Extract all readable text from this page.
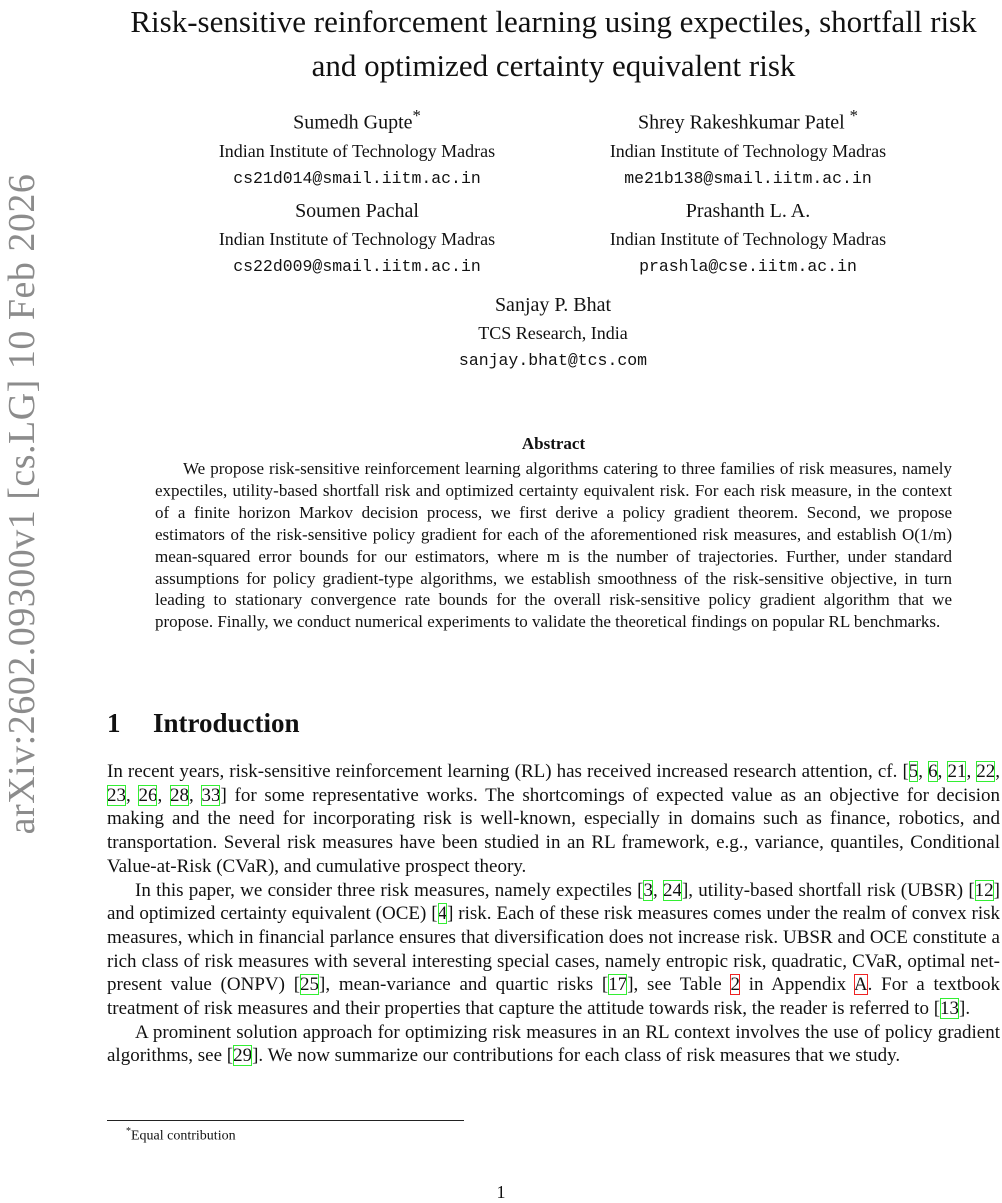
arXiv:2602.09300v1 [cs.LG] 10 Feb 2026
Risk-sensitive reinforcement learning using expectiles, shortfall risk
and optimized certainty equivalent risk
Sumedh Gupte*
Indian Institute of Technology Madras
cs21d014@smail.iitm.ac.in
Shrey Rakeshkumar Patel *
Indian Institute of Technology Madras
me21b138@smail.iitm.ac.in
Soumen Pachal
Indian Institute of Technology Madras
cs22d009@smail.iitm.ac.in
Prashanth L. A.
Indian Institute of Technology Madras
prashla@cse.iitm.ac.in
Sanjay P. Bhat
TCS Research, India
sanjay.bhat@tcs.com
Abstract
We propose risk-sensitive reinforcement learning algorithms catering to three families of risk measures, namely expectiles, utility-based shortfall risk and optimized certainty equivalent risk. For each risk measure, in the context of a finite horizon Markov decision process, we first derive a policy gradient theorem. Second, we propose estimators of the risk-sensitive policy gradient for each of the aforementioned risk measures, and establish O(1/m) mean-squared error bounds for our estimators, where m is the number of trajectories. Further, under standard assumptions for policy gradient-type algorithms, we establish smoothness of the risk-sensitive objective, in turn leading to stationary convergence rate bounds for the overall risk-sensitive policy gradient algorithm that we propose. Finally, we conduct numerical experiments to validate the theoretical findings on popular RL benchmarks.
1 Introduction

In recent years, risk-sensitive reinforcement learning (RL) has received increased research attention, cf. [5, 6, 21, 22, 23, 26, 28, 33] for some representative works. The shortcomings of expected value as an objective for decision making and the need for incorporating risk is well-known, especially in domains such as finance, robotics, and transportation. Several risk measures have been studied in an RL framework, e.g., variance, quantiles, Conditional Value-at-Risk (CVaR), and cumulative prospect theory.

In this paper, we consider three risk measures, namely expectiles [3, 24], utility-based shortfall risk (UBSR) [12] and optimized certainty equivalent (OCE) [4] risk. Each of these risk measures comes under the realm of convex risk measures, which in financial parlance ensures that diversification does not increase risk. UBSR and OCE constitute a rich class of risk measures with several interesting special cases, namely entropic risk, quadratic, CVaR, optimal net-present value (ONPV) [25], mean-variance and quartic risks [17], see Table 2 in Appendix A. For a textbook treatment of risk measures and their properties that capture the attitude towards risk, the reader is referred to [13].

A prominent solution approach for optimizing risk measures in an RL context involves the use of policy gradient algorithms, see [29]. We now summarize our contributions for each class of risk measures that we study.

*Equal contribution
1
